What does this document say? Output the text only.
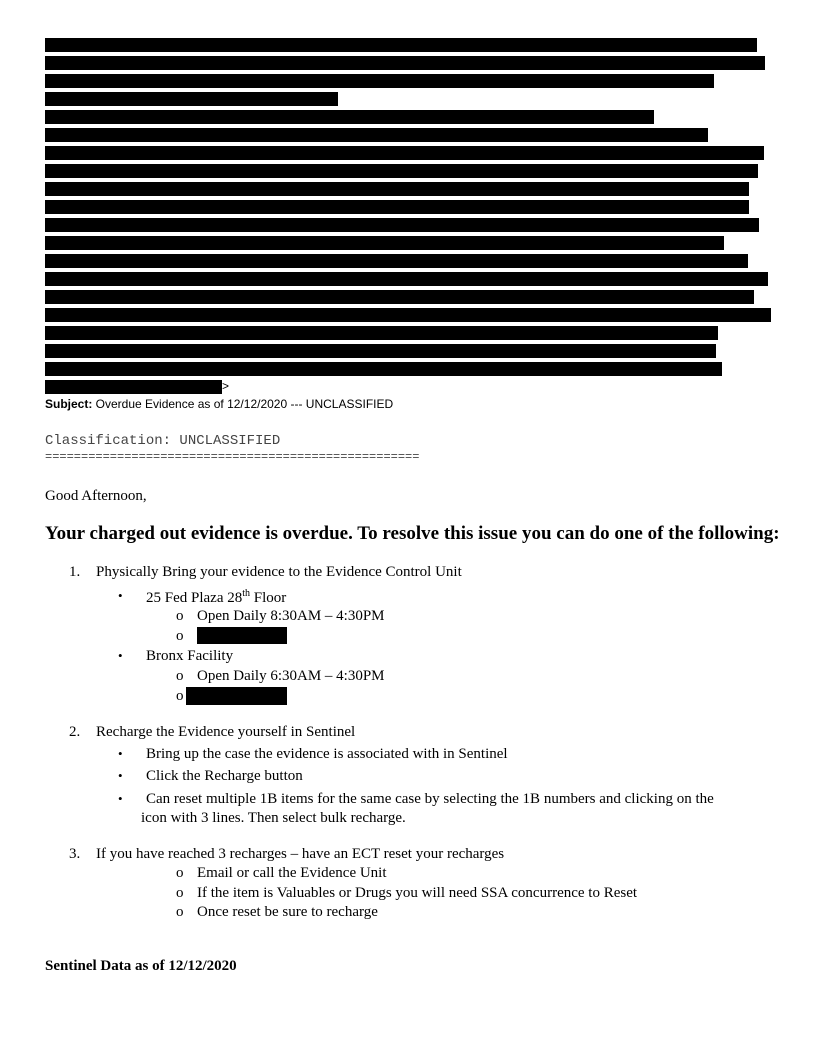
>
Subject: Overdue Evidence as of 12/12/2020 --- UNCLASSIFIED
Classification: UNCLASSIFIED
====================================================
Good Afternoon,
Your charged out evidence is overdue. To resolve this issue you can do one of the following:
1. Physically Bring your evidence to the Evidence Control Unit
• 25 Fed Plaza 28th Floor
o Open Daily 8:30AM – 4:30PM
o
• Bronx Facility
o Open Daily 6:30AM – 4:30PM
o
2. Recharge the Evidence yourself in Sentinel
• Bring up the case the evidence is associated with in Sentinel
• Click the Recharge button
• Can reset multiple 1B items for the same case by selecting the 1B numbers and clicking on the
icon with 3 lines. Then select bulk recharge.
3. If you have reached 3 recharges – have an ECT reset your recharges
o Email or call the Evidence Unit
o If the item is Valuables or Drugs you will need SSA concurrence to Reset
o Once reset be sure to recharge
Sentinel Data as of 12/12/2020
